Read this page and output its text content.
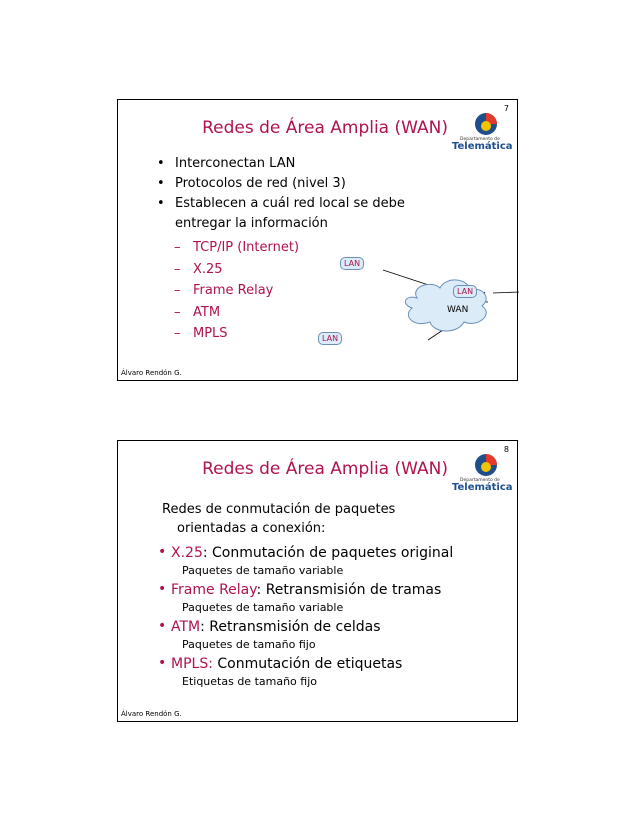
7
Redes de Área Amplia (WAN)
Departamento de
Telemática
• Interconectan LAN
• Protocolos de red (nivel 3)
• Establecen a cuál red local se debe entregar la información
– TCP/IP (Internet)
– X.25
– Frame Relay
– ATM
– MPLS
WAN
LAN
LAN
LAN
Álvaro Rendón G.
8
Redes de Área Amplia (WAN)
Departamento de
Telemática
Redes de conmutación de paquetes
orientadas a conexión:
• X.25: Conmutación de paquetes original
Paquetes de tamaño variable
• Frame Relay: Retransmisión de tramas
Paquetes de tamaño variable
• ATM: Retransmisión de celdas
Paquetes de tamaño fijo
• MPLS: Conmutación de etiquetas
Etiquetas de tamaño fijo
Álvaro Rendón G.
